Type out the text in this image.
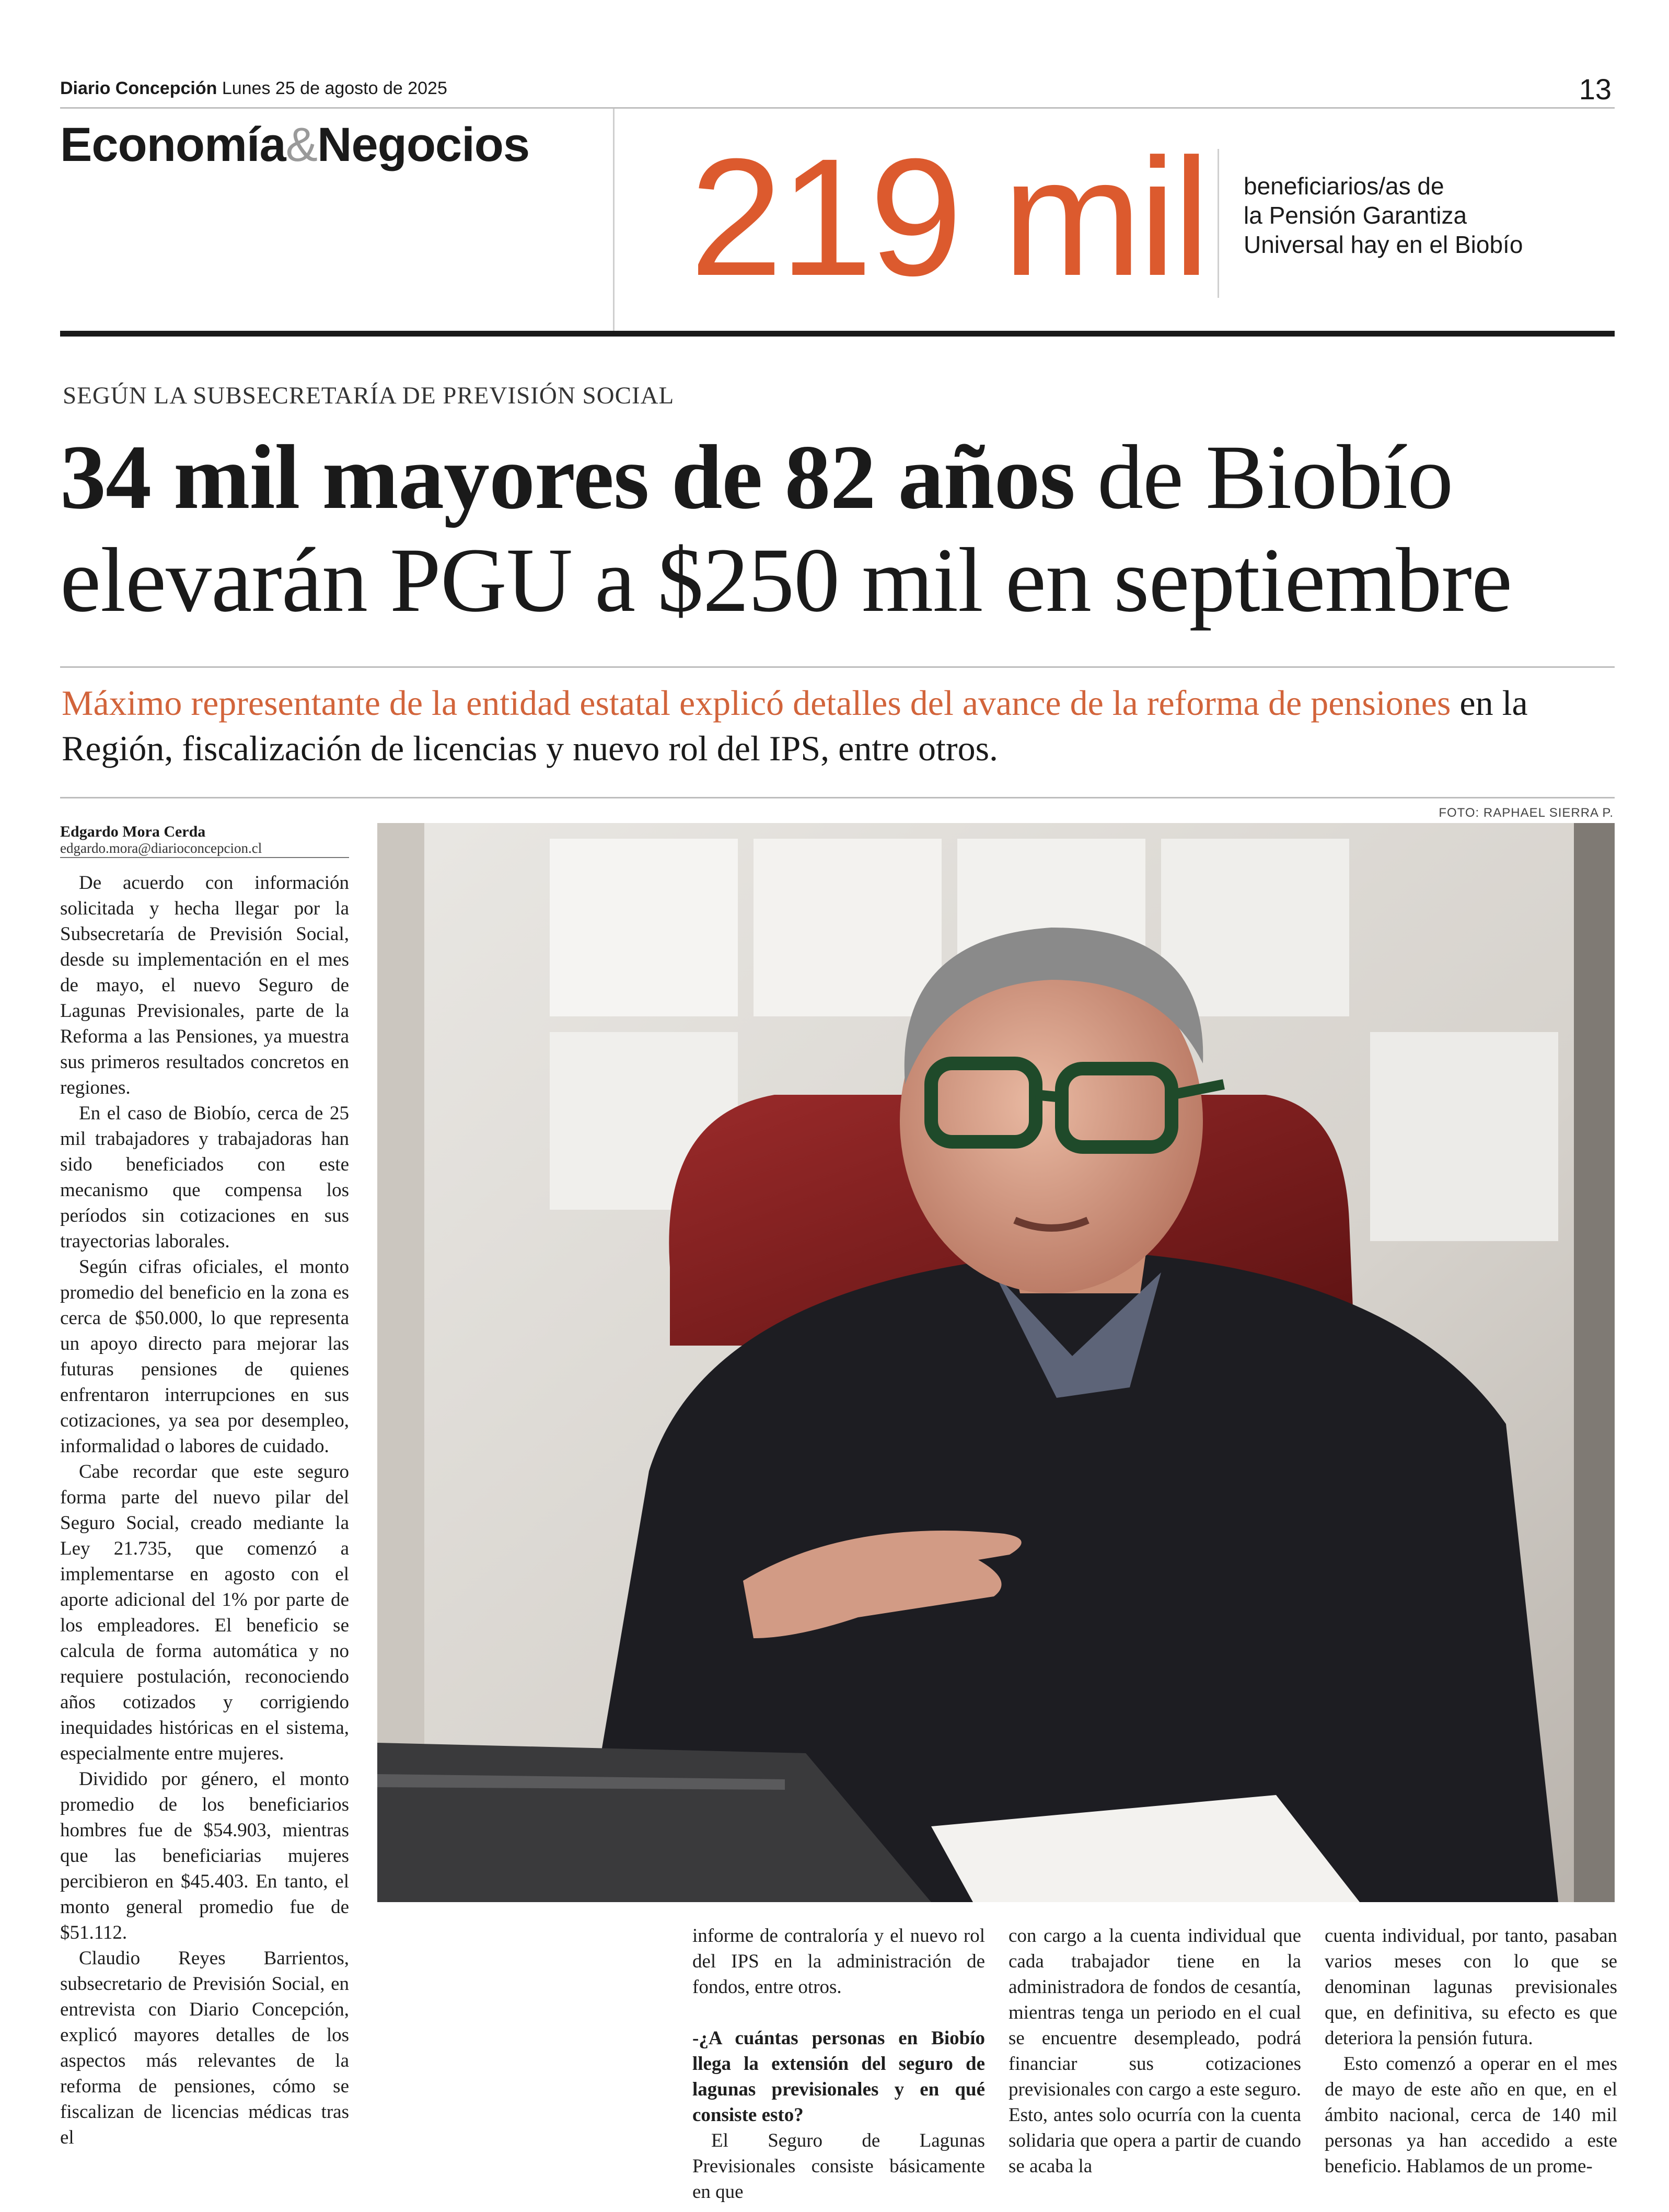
Diario Concepción Lunes 25 de agosto de 2025	13
Economía&Negocios 219 mil beneficiarios/as de
la Pensión Garantiza
Universal hay en el Biobío
SEGÚN LA SUBSECRETARÍA DE PREVISIÓN SOCIAL
34 mil mayores de 82 años de Biobío
elevarán PGU a $250 mil en septiembre
Máximo representante de la entidad estatal explicó detalles del avance de la reforma de pensiones en la Región, fiscalización de licencias y nuevo rol del IPS, entre otros.
Edgardo Mora Cerda
edgardo.mora@diarioconcepcion.cl
FOTO: RAPHAEL SIERRA P.

De acuerdo con información solicitada y hecha llegar por la Subsecretaría de Previsión Social, desde su implementación en el mes de mayo, el nuevo Seguro de Lagunas Previsionales, parte de la Reforma a las Pensiones, ya muestra sus primeros resultados concretos en regiones.

En el caso de Biobío, cerca de 25 mil trabajadores y trabajadoras han sido beneficiados con este mecanismo que compensa los períodos sin cotizaciones en sus trayectorias laborales.

Según cifras oficiales, el monto promedio del beneficio en la zona es cerca de $50.000, lo que representa un apoyo directo para mejorar las futuras pensiones de quienes enfrentaron interrupciones en sus cotizaciones, ya sea por desempleo, informalidad o labores de cuidado.

Cabe recordar que este seguro forma parte del nuevo pilar del Seguro Social, creado mediante la Ley 21.735, que comenzó a implementarse en agosto con el aporte adicional del 1% por parte de los empleadores. El beneficio se calcula de forma automática y no requiere postulación, reconociendo años cotizados y corrigiendo inequidades históricas en el sistema, especialmente entre mujeres.

Dividido por género, el monto promedio de los beneficiarios hombres fue de $54.903, mientras que las beneficiarias mujeres percibieron en $45.403. En tanto, el monto general promedio fue de $51.112.

Claudio Reyes Barrientos, subsecretario de Previsión Social, en entrevista con Diario Concepción, explicó mayores detalles de los aspectos más relevantes de la reforma de pensiones, cómo se fiscalizan de licencias médicas tras el

informe de contraloría y el nuevo rol del IPS en la administración de fondos, entre otros.

-¿A cuántas personas en Biobío llega la extensión del seguro de lagunas previsionales y en qué consiste esto?

El Seguro de Lagunas Previsionales consiste básicamente en que

con cargo a la cuenta individual que cada trabajador tiene en la administradora de fondos de cesantía, mientras tenga un periodo en el cual se encuentre desempleado, podrá financiar sus cotizaciones previsionales con cargo a este seguro. Esto, antes solo ocurría con la cuenta solidaria que opera a partir de cuando se acaba la

cuenta individual, por tanto, pasaban varios meses con lo que se denominan lagunas previsionales que, en definitiva, su efecto es que deteriora la pensión futura.

Esto comenzó a operar en el mes de mayo de este año en que, en el ámbito nacional, cerca de 140 mil personas ya han accedido a este beneficio. Hablamos de un prome-
